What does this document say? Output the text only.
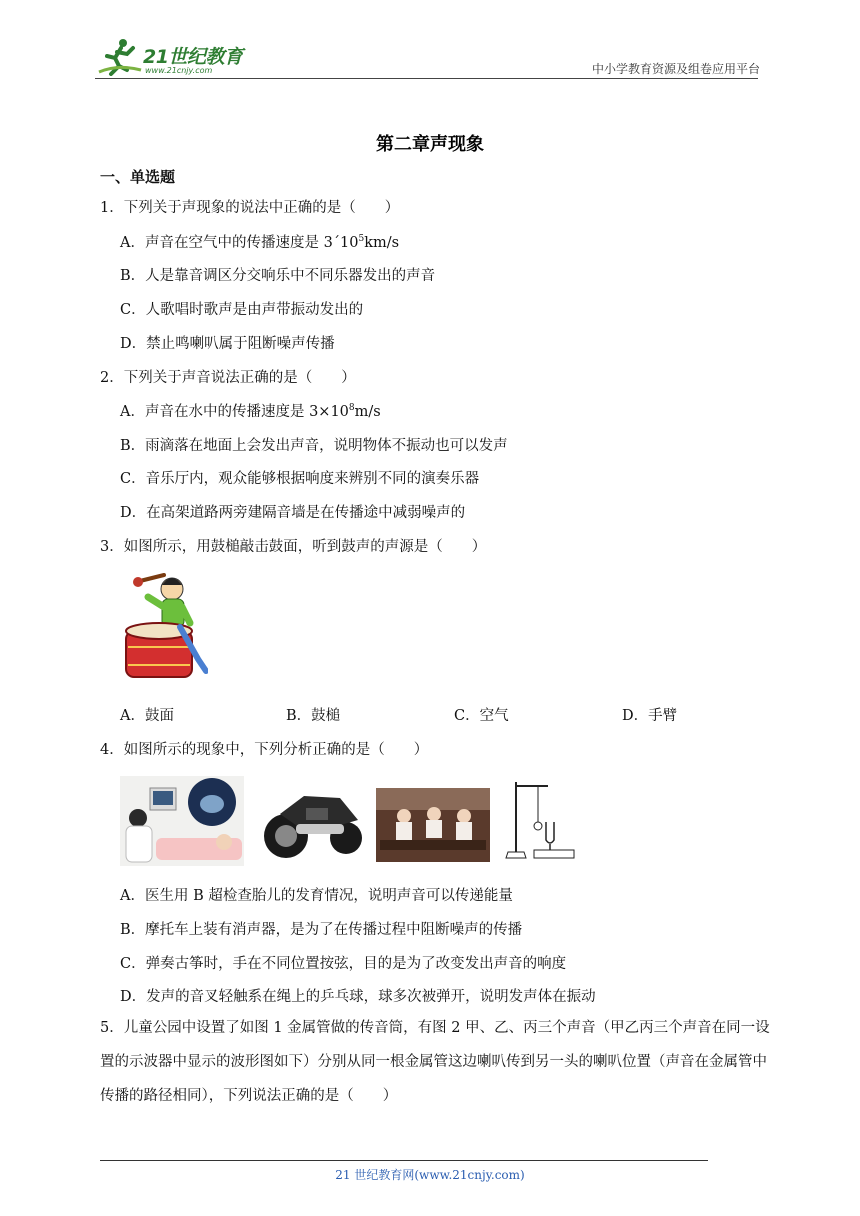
21世纪教育
www.21cnjy.com	中小学教育资源及组卷应用平台
第二章声现象
一、单选题
1．下列关于声现象的说法中正确的是（　　）
A．声音在空气中的传播速度是 $3´10^5km/s$
B．人是靠音调区分交响乐中不同乐器发出的声音
C．人歌唱时歌声是由声带振动发出的
D．禁止鸣喇叭属于阻断噪声传播
2．下列关于声音说法正确的是（　　）
A．声音在水中的传播速度是 $3\times 10^8m/s$
B．雨滴落在地面上会发出声音，说明物体不振动也可以发声
C．音乐厅内，观众能够根据响度来辨别不同的演奏乐器
D．在高架道路两旁建隔音墙是在传播途中减弱噪声的
3．如图所示，用鼓槌敲击鼓面，听到鼓声的声源是（　　）
A．鼓面	B．鼓槌	C．空气	D．手臂
4．如图所示的现象中，下列分析正确的是（　　）
A．医生用 B 超检查胎儿的发育情况，说明声音可以传递能量
B．摩托车上装有消声器，是为了在传播过程中阻断噪声的传播
C．弹奏古筝时，手在不同位置按弦，目的是为了改变发出声音的响度
D．发声的音叉轻触系在绳上的乒乓球，球多次被弹开，说明发声体在振动
5．儿童公园中设置了如图 1 金属管做的传音筒，有图 2 甲、乙、丙三个声音（甲乙丙三个声音在同一设置的示波器中显示的波形图如下）分别从同一根金属管这边喇叭传到另一头的喇叭位置（声音在金属管中传播的路径相同），下列说法正确的是（　　）
21 世纪教育网(www.21cnjy.com)
